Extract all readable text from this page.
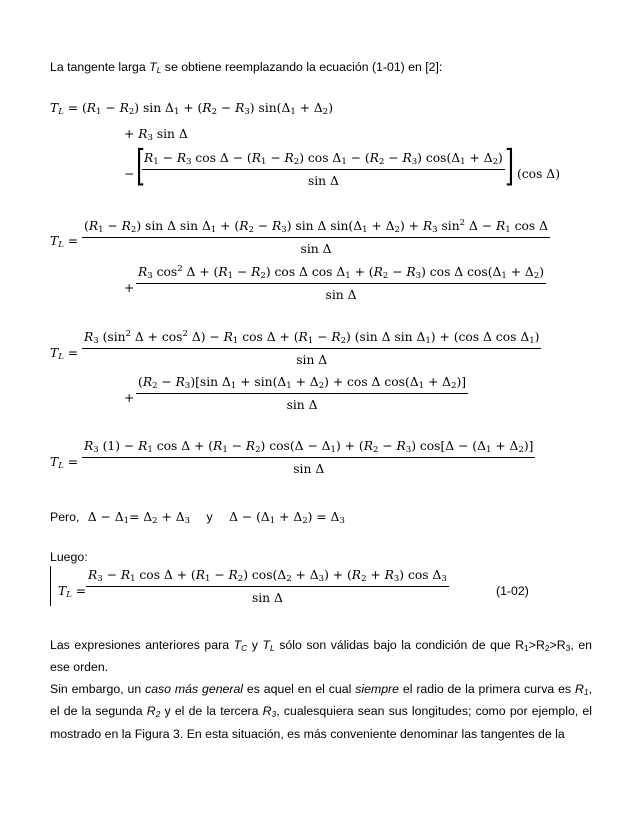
La tangente larga $T_L$ se obtiene reemplazando la ecuación (1-01) en [2]:
$T_L = (R_1 - R_2)$ $\sin \Delta_1 + (R_2 - R_3) \sin(\Delta_1 + \Delta_2)$
+ $R_3$ sin Δ
− [
$R_1 - R_3$ $\cos \Delta - (R_1 - R_2)$ $\cos \Delta_1 - (R_2 - R_3) \cos(\Delta_1 + \Delta_2)$
sin Δ	] (cos Δ)
$T_L$ =
$(R_1 - R_2)$ sin Δ $\sin \Delta_1 + (R_2 - R_3)$ sin Δ $\sin(\Delta_1 + \Delta_2) + R_3$ $\sin^2 \Delta - R_1$ cos Δ
sin Δ
+
$R_3$ $\cos^2 \Delta + (R_1 - R_2)$ cos Δ $\cos \Delta_1 + (R_2 - R_3)$ cos Δ $\cos(\Delta_1 + \Delta_2)$
sin Δ
$T_L$ =
$R_3$ ($\sin^2$ $\Delta + \cos^2 \Delta) - R_1$ $\cos \Delta + (R_1 - R_2)$ (sin Δ $\sin \Delta_1) + (\cos$ Δ $\cos \Delta_1$)
sin Δ
+
$(R_2 - R_3)[\sin$ $\Delta_1 + \sin(\Delta_1 + \Delta_2) + \cos \Delta$ $\cos(\Delta_1 + \Delta_2)$]
sin Δ
$T_L$ =
$R_3$ $(1) - R_1$ $\cos \Delta + (R_1 - R_2) \cos(\Delta - \Delta_1) + (R_2 - R_3) \cos[\Delta - (\Delta_1 + \Delta_2)]$
sin Δ
Pero,  $\Delta - \Delta_1= \Delta_2 + \Delta_3$ y $\Delta - (\Delta_1 + \Delta_2) = \Delta_3$
Luego:
$T_L$ =
$R_3 - R_1$ $\cos \Delta + (R_1 - R_2) \cos(\Delta_2 + \Delta_3) + (R_2 + R_3)$ $\cos \Delta_3$
sin Δ	(1-02)
Las expresiones anteriores para $T_C$ y $T_L$ sólo son válidas bajo la condición de que $R_1>R_2>R_3$, en ese orden.
Sin embargo, un caso más general es aquel en el cual siempre el radio de la primera curva es $R_1$, el de la segunda $R_2$ y el de la tercera $R_3$, cualesquiera sean sus longitudes; como por ejemplo, el mostrado en la Figura 3. En esta situación, es más conveniente denominar las tangentes de la
